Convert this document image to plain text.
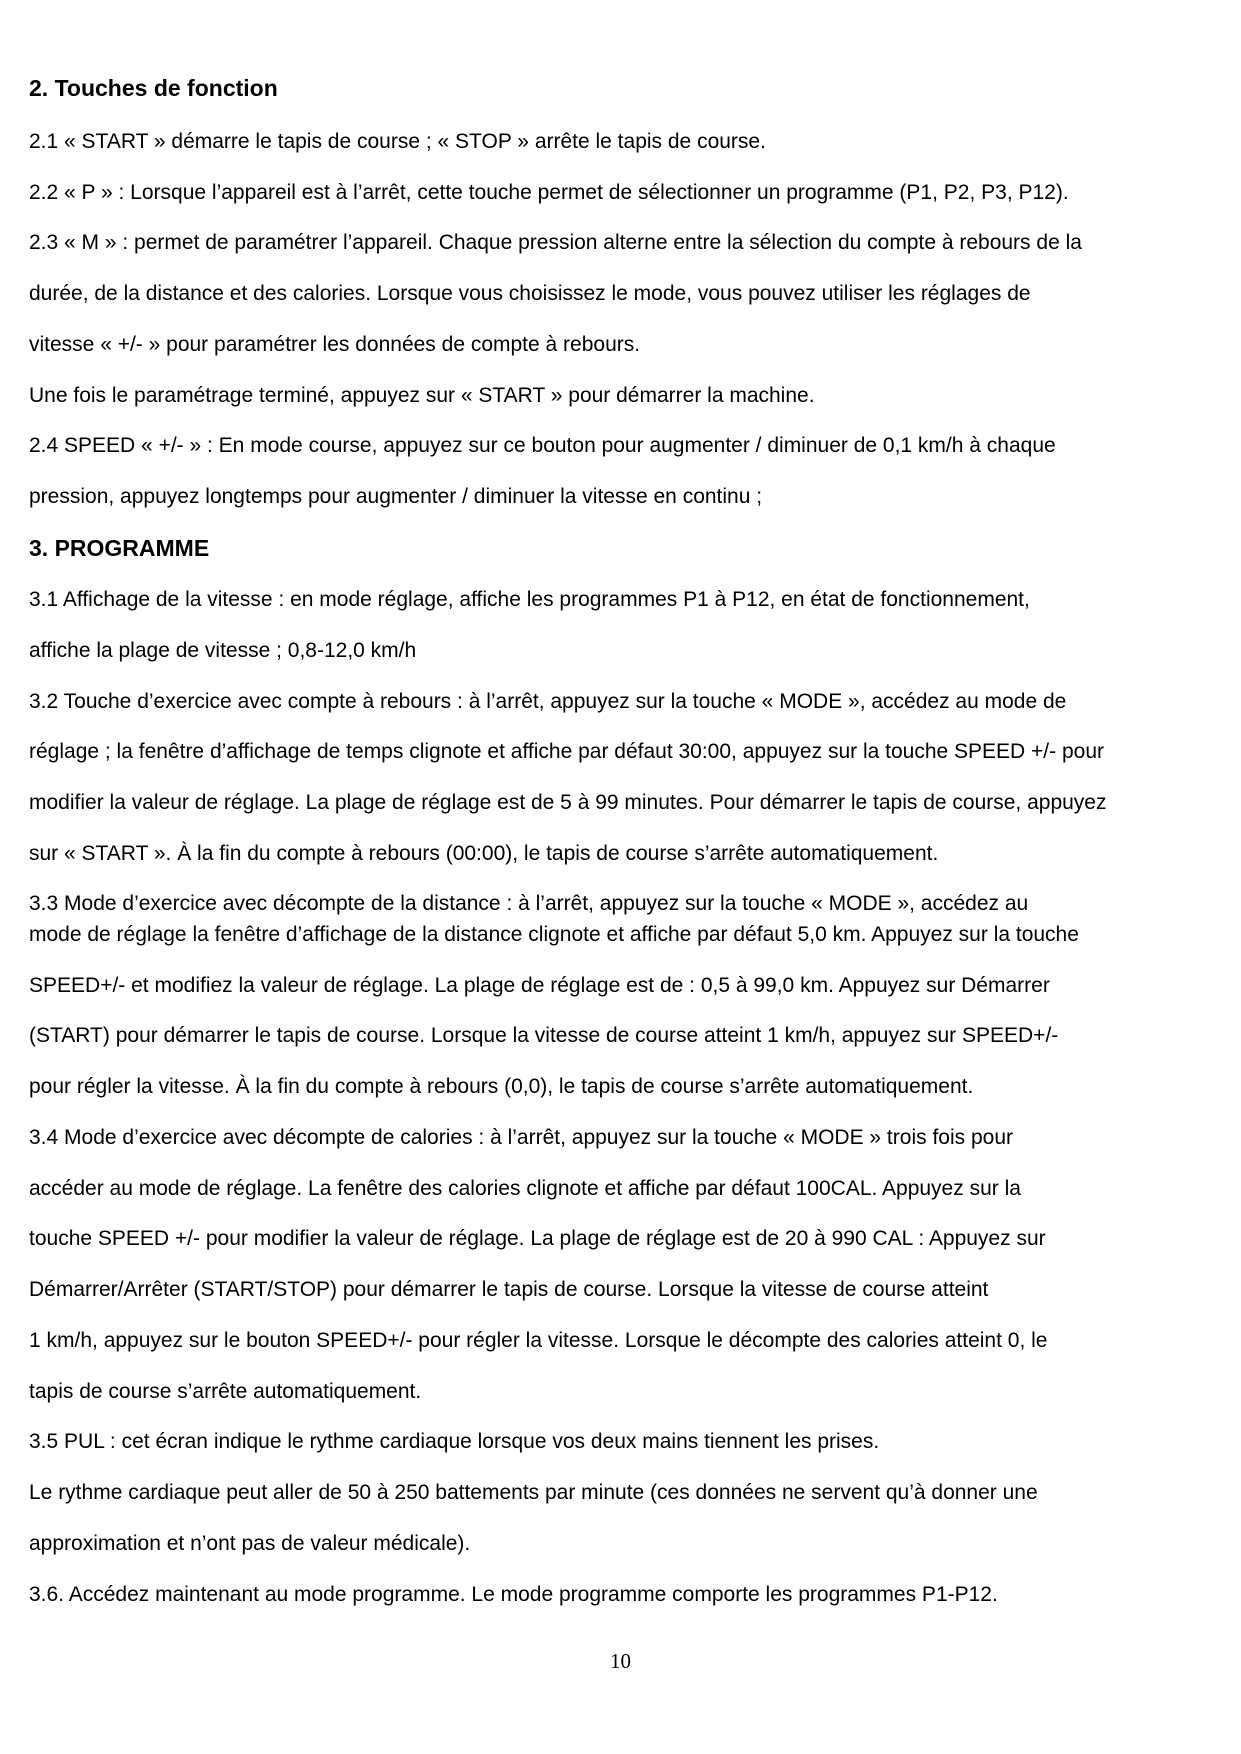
2. Touches de fonction
2.1 « START » démarre le tapis de course ; « STOP » arrête le tapis de course.
2.2 « P » : Lorsque l’appareil est à l’arrêt, cette touche permet de sélectionner un programme (P1, P2, P3, P12).
2.3 « M » : permet de paramétrer l’appareil. Chaque pression alterne entre la sélection du compte à rebours de la
durée, de la distance et des calories. Lorsque vous choisissez le mode, vous pouvez utiliser les réglages de
vitesse « +/- » pour paramétrer les données de compte à rebours.
Une fois le paramétrage terminé, appuyez sur « START » pour démarrer la machine.
2.4 SPEED « +/- » : En mode course, appuyez sur ce bouton pour augmenter / diminuer de 0,1 km/h à chaque
pression, appuyez longtemps pour augmenter / diminuer la vitesse en continu ;
3. PROGRAMME
3.1 Affichage de la vitesse : en mode réglage, affiche les programmes P1 à P12, en état de fonctionnement,
affiche la plage de vitesse ; 0,8-12,0 km/h
3.2 Touche d’exercice avec compte à rebours : à l’arrêt, appuyez sur la touche « MODE », accédez au mode de
réglage ; la fenêtre d’affichage de temps clignote et affiche par défaut 30:00, appuyez sur la touche SPEED +/- pour
modifier la valeur de réglage. La plage de réglage est de 5 à 99 minutes. Pour démarrer le tapis de course, appuyez
sur « START ». À la fin du compte à rebours (00:00), le tapis de course s’arrête automatiquement.
3.3 Mode d’exercice avec décompte de la distance : à l’arrêt, appuyez sur la touche « MODE », accédez au
mode de réglage la fenêtre d’affichage de la distance clignote et affiche par défaut 5,0 km. Appuyez sur la touche
SPEED+/- et modifiez la valeur de réglage. La plage de réglage est de : 0,5 à 99,0 km. Appuyez sur Démarrer
(START) pour démarrer le tapis de course. Lorsque la vitesse de course atteint 1 km/h, appuyez sur SPEED+/-
pour régler la vitesse. À la fin du compte à rebours (0,0), le tapis de course s’arrête automatiquement.
3.4 Mode d’exercice avec décompte de calories : à l’arrêt, appuyez sur la touche « MODE » trois fois pour
accéder au mode de réglage. La fenêtre des calories clignote et affiche par défaut 100CAL. Appuyez sur la
touche SPEED +/- pour modifier la valeur de réglage. La plage de réglage est de 20 à 990 CAL : Appuyez sur
Démarrer/Arrêter (START/STOP) pour démarrer le tapis de course. Lorsque la vitesse de course atteint
1 km/h, appuyez sur le bouton SPEED+/- pour régler la vitesse. Lorsque le décompte des calories atteint 0, le
tapis de course s’arrête automatiquement.
3.5 PUL : cet écran indique le rythme cardiaque lorsque vos deux mains tiennent les prises.
Le rythme cardiaque peut aller de 50 à 250 battements par minute (ces données ne servent qu’à donner une
approximation et n’ont pas de valeur médicale).
3.6. Accédez maintenant au mode programme. Le mode programme comporte les programmes P1-P12.
10
